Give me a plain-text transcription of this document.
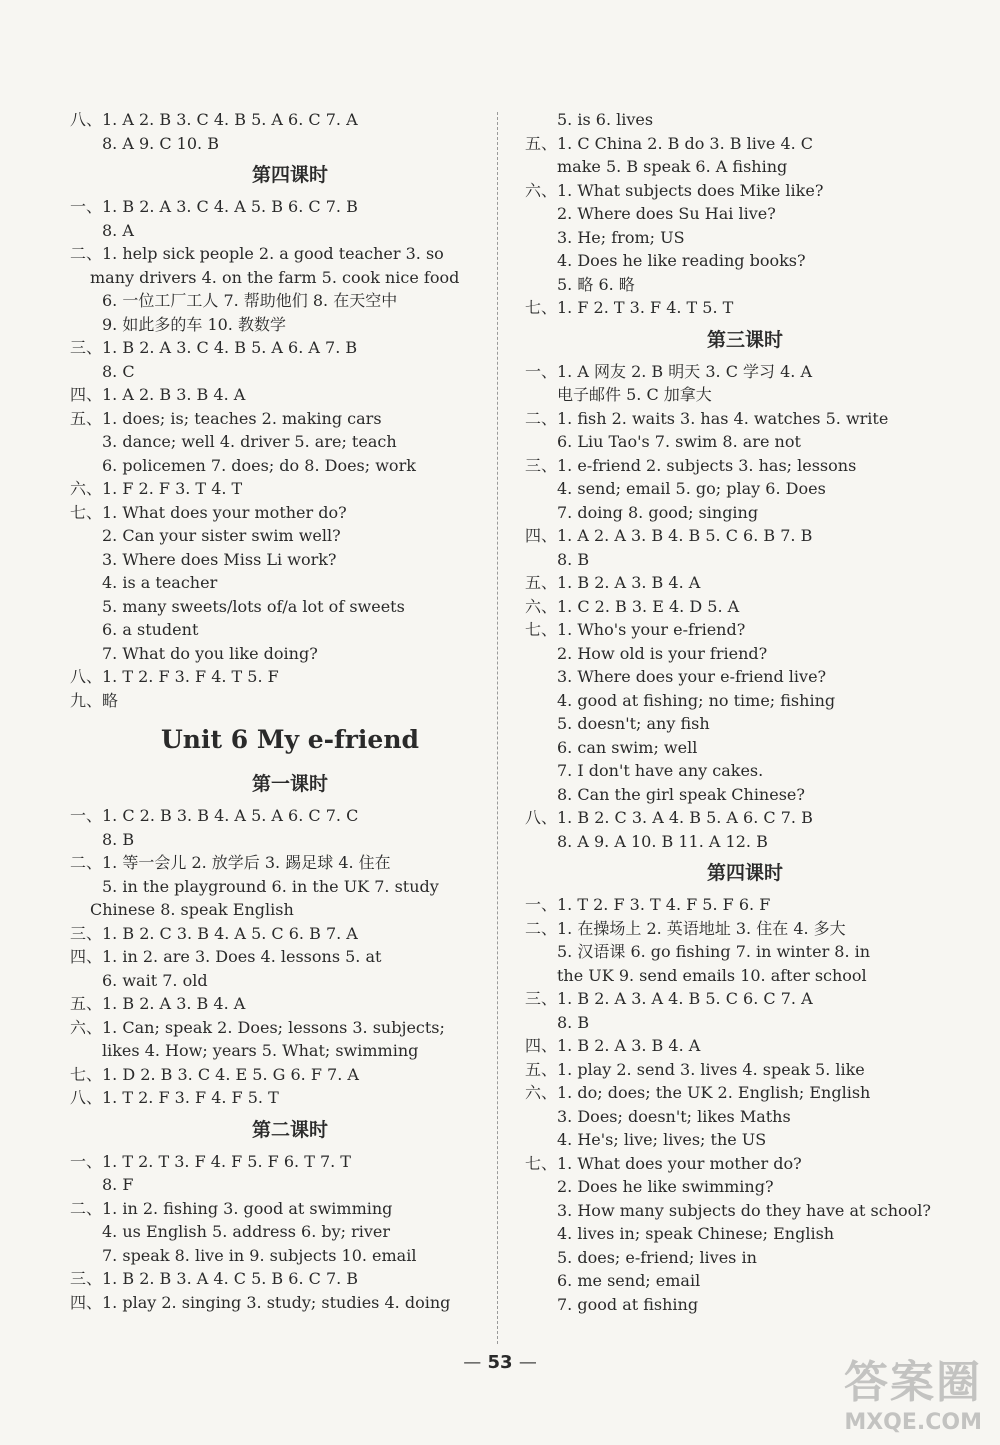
八、1. A 2. B 3. C 4. B 5. A 6. C 7. A
8. A 9. C 10. B
第四课时
一、1. B 2. A 3. C 4. A 5. B 6. C 7. B
8. A
二、1. help sick people 2. a good teacher 3. so
many drivers 4. on the farm 5. cook nice food
6. 一位工厂工人 7. 帮助他们 8. 在天空中
9. 如此多的车 10. 教数学
三、1. B 2. A 3. C 4. B 5. A 6. A 7. B
8. C
四、1. A 2. B 3. B 4. A
五、1. does; is; teaches 2. making cars
3. dance; well 4. driver 5. are; teach
6. policemen 7. does; do 8. Does; work
六、1. F 2. F 3. T 4. T
七、1. What does your mother do?
2. Can your sister swim well?
3. Where does Miss Li work?
4. is a teacher
5. many sweets/lots of/a lot of sweets
6. a student
7. What do you like doing?
八、1. T 2. F 3. F 4. T 5. F
九、略
Unit 6 My e-friend
第一课时
一、1. C 2. B 3. B 4. A 5. A 6. C 7. C
8. B
二、1. 等一会儿 2. 放学后 3. 踢足球 4. 住在
5. in the playground 6. in the UK 7. study
Chinese 8. speak English
三、1. B 2. C 3. B 4. A 5. C 6. B 7. A
四、1. in 2. are 3. Does 4. lessons 5. at
6. wait 7. old
五、1. B 2. A 3. B 4. A
六、1. Can; speak 2. Does; lessons 3. subjects;
likes 4. How; years 5. What; swimming
七、1. D 2. B 3. C 4. E 5. G 6. F 7. A
八、1. T 2. F 3. F 4. F 5. T
第二课时
一、1. T 2. T 3. F 4. F 5. F 6. T 7. T
8. F
二、1. in 2. fishing 3. good at swimming
4. us English 5. address 6. by; river
7. speak 8. live in 9. subjects 10. email
三、1. B 2. B 3. A 4. C 5. B 6. C 7. B
四、1. play 2. singing 3. study; studies 4. doing
5. is 6. lives
五、1. C China 2. B do 3. B live 4. C
make 5. B speak 6. A fishing
六、1. What subjects does Mike like?
2. Where does Su Hai live?
3. He; from; US
4. Does he like reading books?
5. 略 6. 略
七、1. F 2. T 3. F 4. T 5. T
第三课时
一、1. A 网友 2. B 明天 3. C 学习 4. A
电子邮件 5. C 加拿大
二、1. fish 2. waits 3. has 4. watches 5. write
6. Liu Tao's 7. swim 8. are not
三、1. e-friend 2. subjects 3. has; lessons
4. send; email 5. go; play 6. Does
7. doing 8. good; singing
四、1. A 2. A 3. B 4. B 5. C 6. B 7. B
8. B
五、1. B 2. A 3. B 4. A
六、1. C 2. B 3. E 4. D 5. A
七、1. Who's your e-friend?
2. How old is your friend?
3. Where does your e-friend live?
4. good at fishing; no time; fishing
5. doesn't; any fish
6. can swim; well
7. I don't have any cakes.
8. Can the girl speak Chinese?
八、1. B 2. C 3. A 4. B 5. A 6. C 7. B
8. A 9. A 10. B 11. A 12. B
第四课时
一、1. T 2. F 3. T 4. F 5. F 6. F
二、1. 在操场上 2. 英语地址 3. 住在 4. 多大
5. 汉语课 6. go fishing 7. in winter 8. in
the UK 9. send emails 10. after school
三、1. B 2. A 3. A 4. B 5. C 6. C 7. A
8. B
四、1. B 2. A 3. B 4. A
五、1. play 2. send 3. lives 4. speak 5. like
六、1. do; does; the UK 2. English; English
3. Does; doesn't; likes Maths
4. He's; live; lives; the US
七、1. What does your mother do?
2. Does he like swimming?
3. How many subjects do they have at school?
4. lives in; speak Chinese; English
5. does; e-friend; lives in
6. me send; email
7. good at fishing
— 53 —	答案圈
MXQE.COM
